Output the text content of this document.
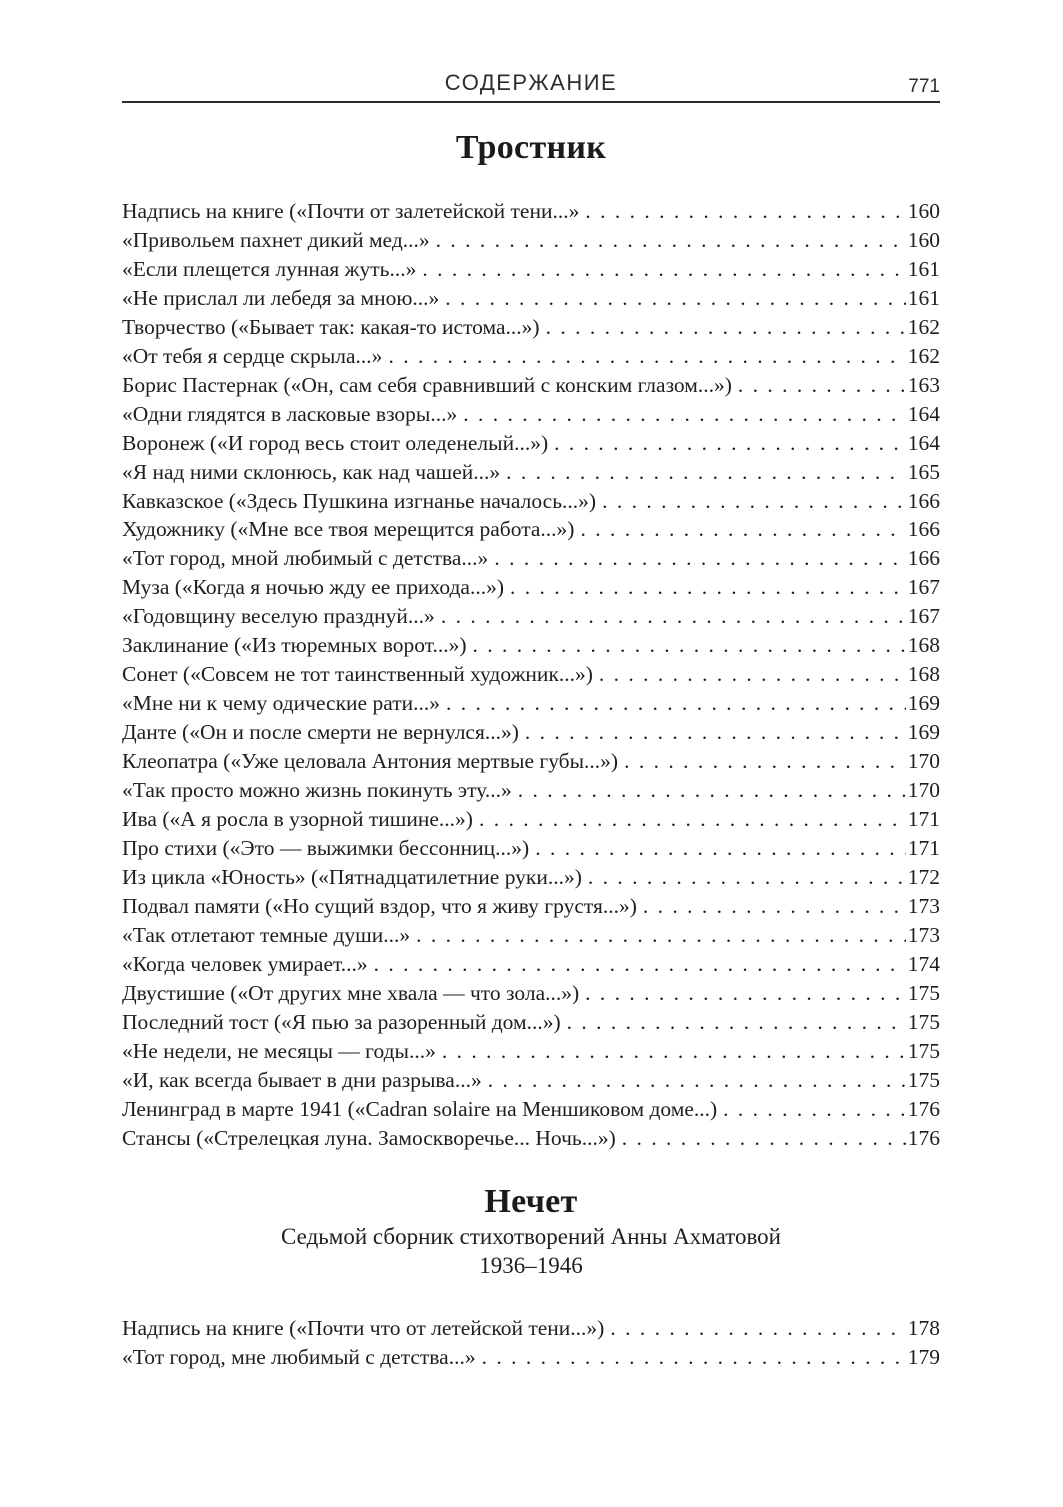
СОДЕРЖАНИЕ	771
Тростник
Надпись на книге («Почти от залетейской тени...» . . .	160
«Привольем пахнет дикий мед...» . . .	160
«Если плещется лунная жуть...» . . .	161
«Не прислал ли лебедя за мною...» . . .	161
Творчество («Бывает так: какая-то истома...») . . .	162
«От тебя я сердце скрыла...» . . .	162
Борис Пастернак («Он, сам себя сравнивший с конским глазом...») . . .	163
«Одни глядятся в ласковые взоры...» . . .	164
Воронеж («И город весь стоит оледенелый...») . . .	164
«Я над ними склонюсь, как над чашей...» . . .	165
Кавказское («Здесь Пушкина изгнанье началось...») . . .	166
Художнику («Мне все твоя мерещится работа...») . . .	166
«Тот город, мной любимый с детства...» . . .	166
Муза («Когда я ночью жду ее прихода...») . . .	167
«Годовщину веселую празднуй...» . . .	167
Заклинание («Из тюремных ворот...») . . .	168
Сонет («Совсем не тот таинственный художник...») . . .	168
«Мне ни к чему одические рати...» . . .	169
Данте («Он и после смерти не вернулся...») . . .	169
Клеопатра («Уже целовала Антония мертвые губы...») . . .	170
«Так просто можно жизнь покинуть эту...» . . .	170
Ива («А я росла в узорной тишине...») . . .	171
Про стихи («Это — выжимки бессонниц...») . . .	171
Из цикла «Юность» («Пятнадцатилетние руки...») . . .	172
Подвал памяти («Но сущий вздор, что я живу грустя...») . . .	173
«Так отлетают темные души...» . . .	173
«Когда человек умирает...» . . .	174
Двустишие («От других мне хвала — что зола...») . . .	175
Последний тост («Я пью за разоренный дом...») . . .	175
«Не недели, не месяцы — годы...» . . .	175
«И, как всегда бывает в дни разрыва...» . . .	175
Ленинград в марте 1941 («Cadran solaire на Меншиковом доме...) . . .	176
Стансы («Стрелецкая луна. Замоскворечье... Ночь...») . . .	176
Нечет
Седьмой сборник стихотворений Анны Ахматовой
1936–1946
Надпись на книге («Почти что от летейской тени...») . . .	178
«Тот город, мне любимый с детства...» . . .	179
